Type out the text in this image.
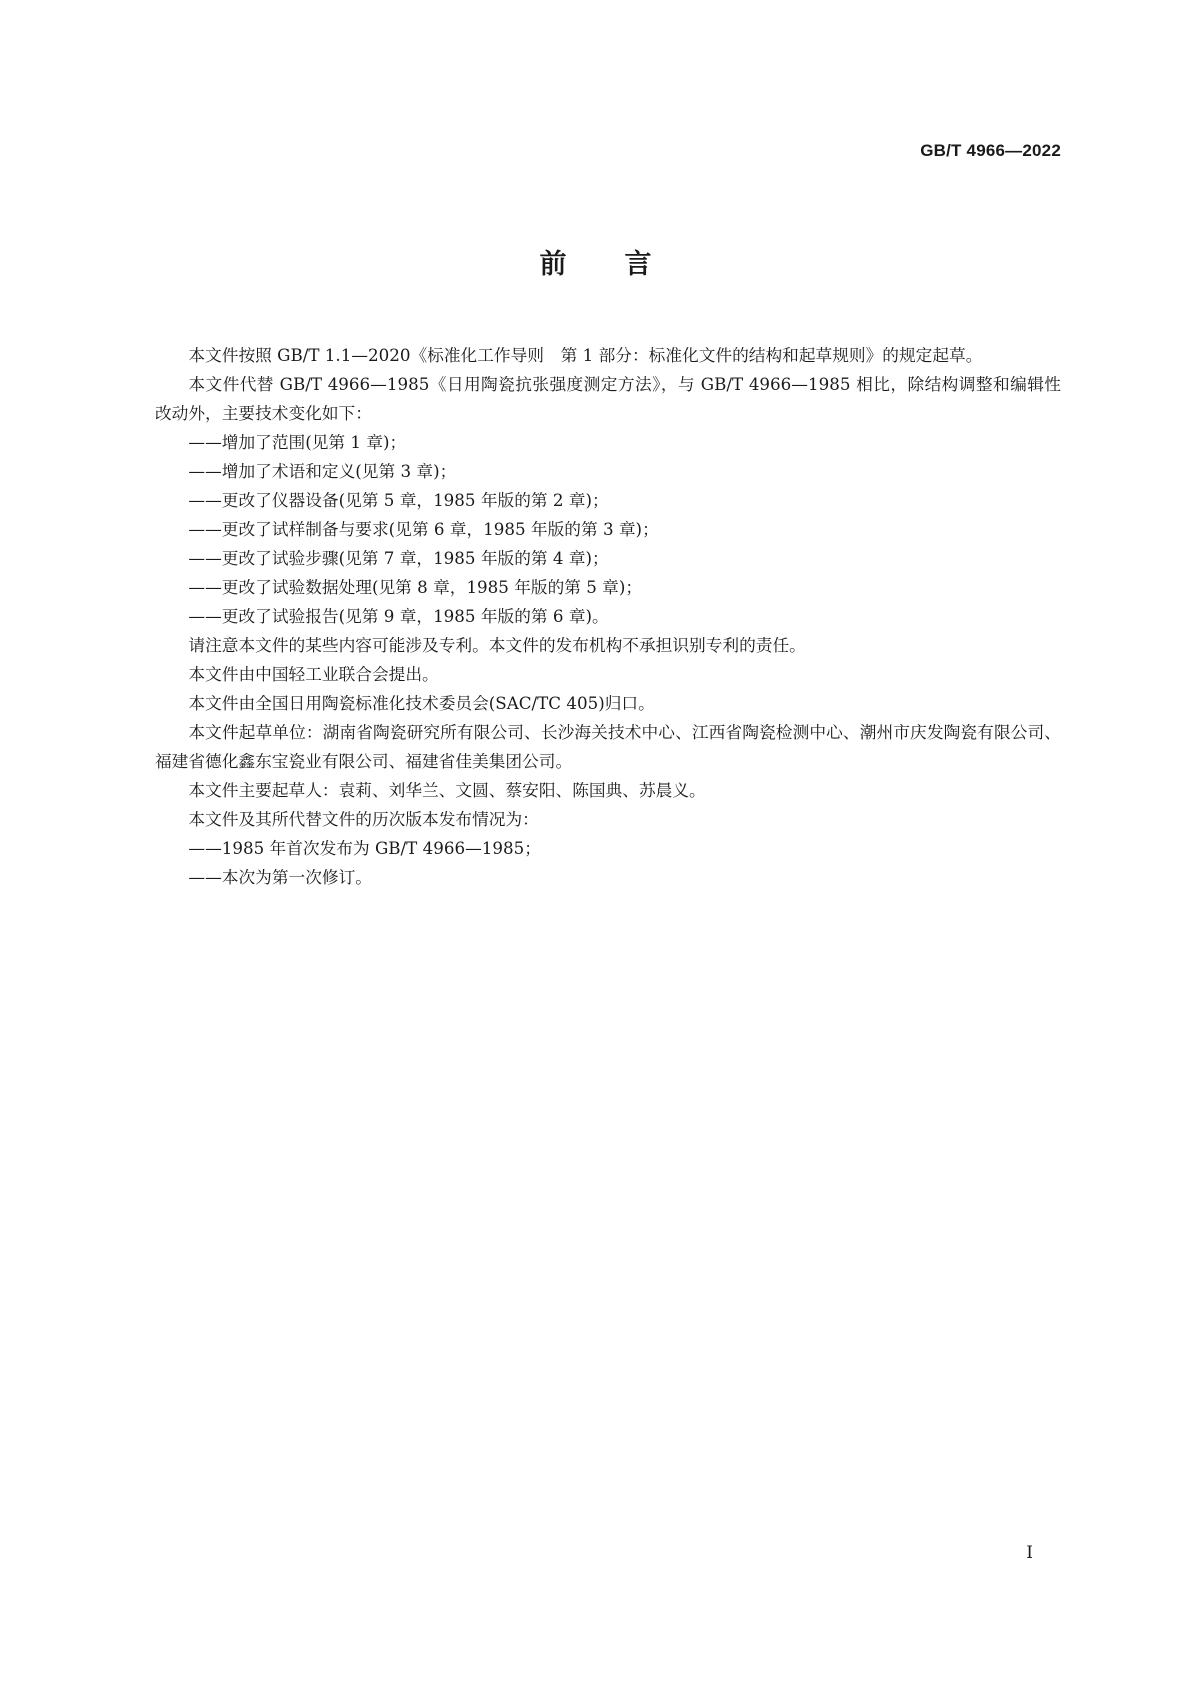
GB/T 4966—2022
前言

本文件按照 GB/T 1.1—2020《标准化工作导则　第 1 部分：标准化文件的结构和起草规则》的规定起草。

本文件代替 GB/T 4966—1985《日用陶瓷抗张强度测定方法》，与 GB/T 4966—1985 相比，除结构调整和编辑性改动外，主要技术变化如下：

——增加了范围(见第 1 章)；

——增加了术语和定义(见第 3 章)；

——更改了仪器设备(见第 5 章，1985 年版的第 2 章)；

——更改了试样制备与要求(见第 6 章，1985 年版的第 3 章)；

——更改了试验步骤(见第 7 章，1985 年版的第 4 章)；

——更改了试验数据处理(见第 8 章，1985 年版的第 5 章)；

——更改了试验报告(见第 9 章，1985 年版的第 6 章)。

请注意本文件的某些内容可能涉及专利。本文件的发布机构不承担识别专利的责任。

本文件由中国轻工业联合会提出。

本文件由全国日用陶瓷标准化技术委员会(SAC/TC 405)归口。

本文件起草单位：湖南省陶瓷研究所有限公司、长沙海关技术中心、江西省陶瓷检测中心、潮州市庆发陶瓷有限公司、福建省德化鑫东宝瓷业有限公司、福建省佳美集团公司。

本文件主要起草人：袁莉、刘华兰、文圆、蔡安阳、陈国典、苏晨义。

本文件及其所代替文件的历次版本发布情况为：

——1985 年首次发布为 GB/T 4966—1985；

——本次为第一次修订。

I
